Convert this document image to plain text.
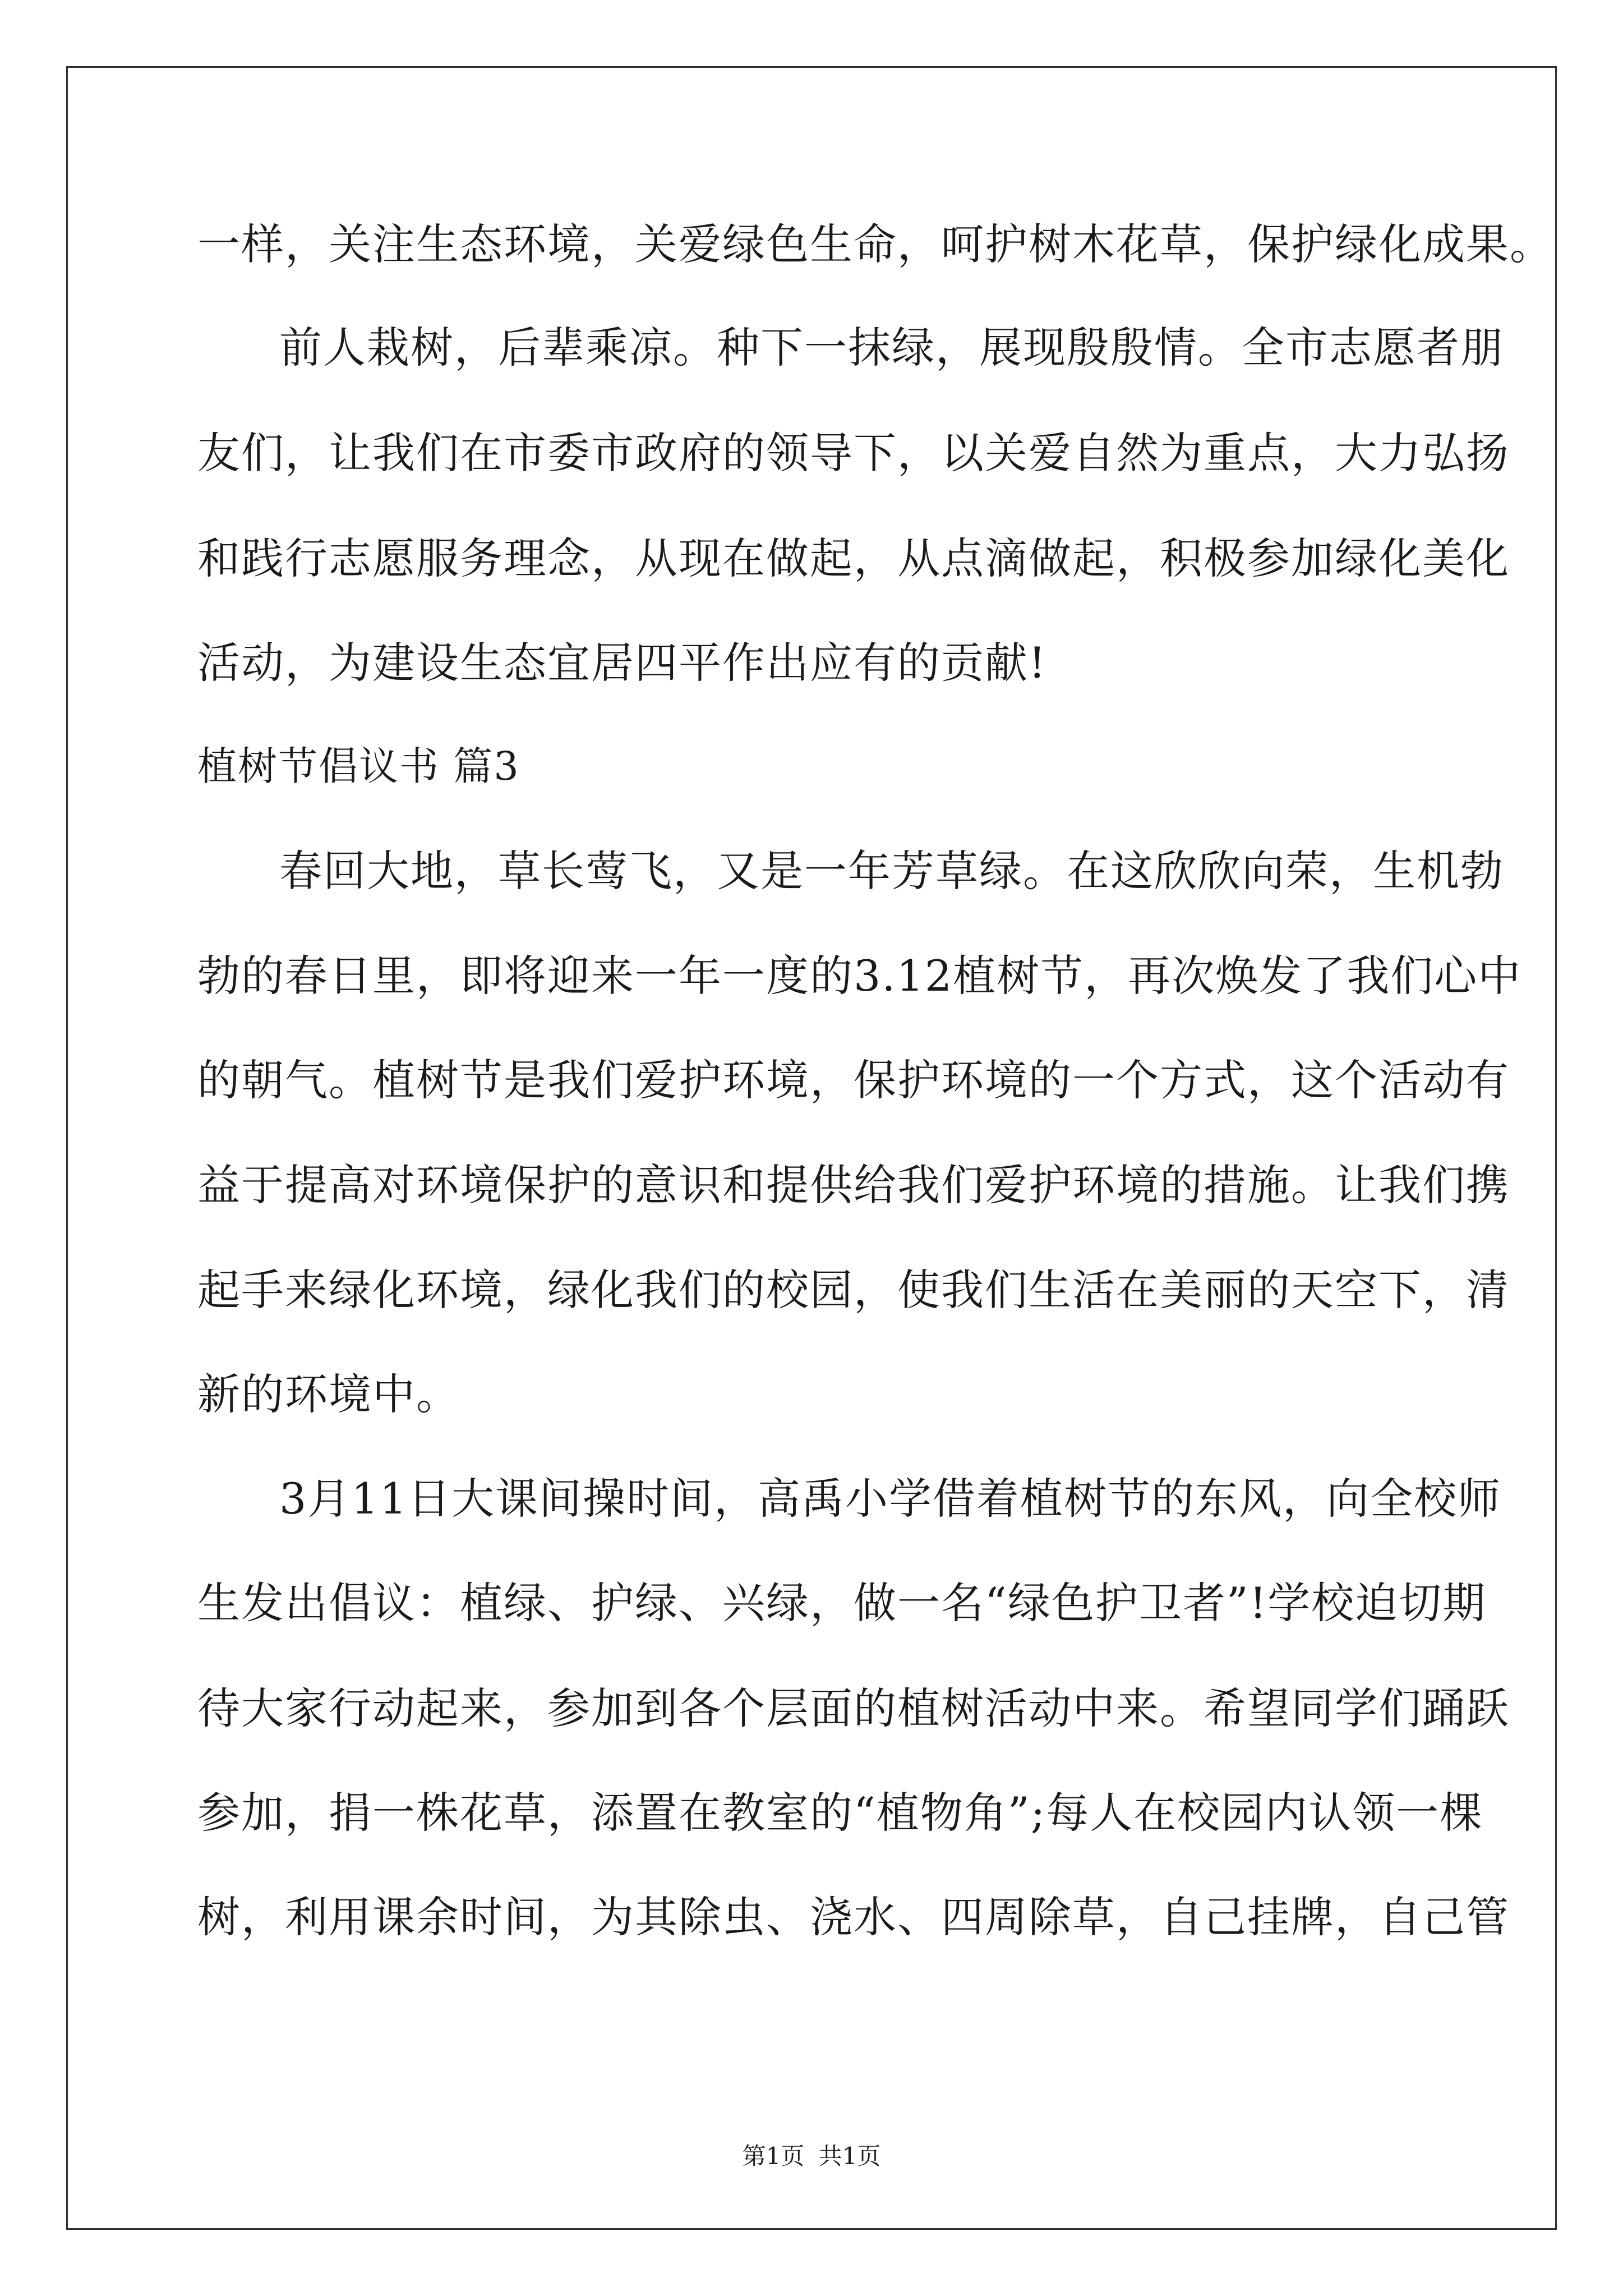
一样，关注生态环境，关爱绿色生命，呵护树木花草，保护绿化成果。
前人栽树，后辈乘凉。种下一抹绿，展现殷殷情。全市志愿者朋
友们，让我们在市委市政府的领导下，以关爱自然为重点，大力弘扬
和践行志愿服务理念，从现在做起，从点滴做起，积极参加绿化美化
活动，为建设生态宜居四平作出应有的贡献!
植树节倡议书 篇3
春回大地，草长莺飞，又是一年芳草绿。在这欣欣向荣，生机勃
勃的春日里，即将迎来一年一度的3.12植树节，再次焕发了我们心中
的朝气。植树节是我们爱护环境，保护环境的一个方式，这个活动有
益于提高对环境保护的意识和提供给我们爱护环境的措施。让我们携
起手来绿化环境，绿化我们的校园，使我们生活在美丽的天空下，清
新的环境中。
3月11日大课间操时间，高禹小学借着植树节的东风，向全校师
生发出倡议：植绿、护绿、兴绿，做一名“绿色护卫者”!学校迫切期
待大家行动起来，参加到各个层面的植树活动中来。希望同学们踊跃
参加，捐一株花草，添置在教室的“植物角”;每人在校园内认领一棵
树，利用课余时间，为其除虫、浇水、四周除草，自己挂牌，自己管
第1页 共1页
